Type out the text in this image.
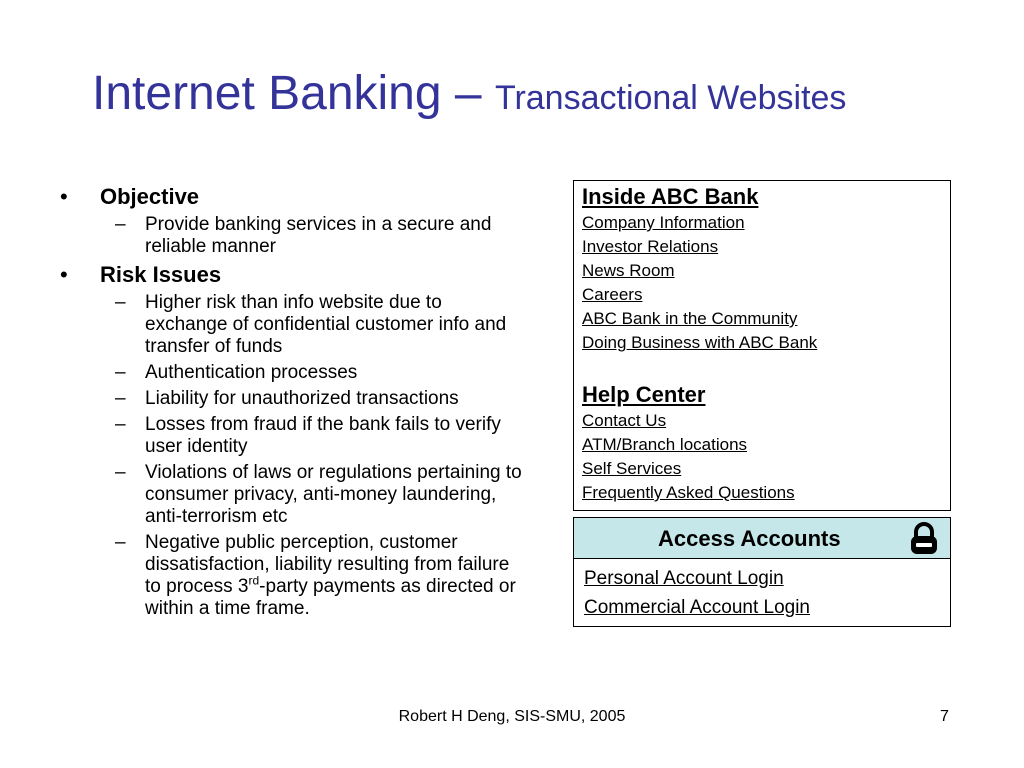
Internet Banking – Transactional Websites
• Objective
– Provide banking services in a secure and reliable manner
• Risk Issues
– Higher risk than info website due to exchange of confidential customer info and transfer of funds
– Authentication processes
– Liability for unauthorized transactions
– Losses from fraud if the bank fails to verify user identity
– Violations of laws or regulations pertaining to consumer privacy, anti-money laundering, anti-terrorism etc
– Negative public perception, customer dissatisfaction, liability resulting from failure to process 3rd-party payments as directed or within a time frame.
Inside ABC Bank
Company Information
Investor Relations
News Room
Careers
ABC Bank in the Community
Doing Business with ABC Bank
Help Center
Contact Us
ATM/Branch locations
Self Services
Frequently Asked Questions
Access Accounts
Personal Account Login
Commercial Account Login
Robert H Deng, SIS-SMU, 2005	7
